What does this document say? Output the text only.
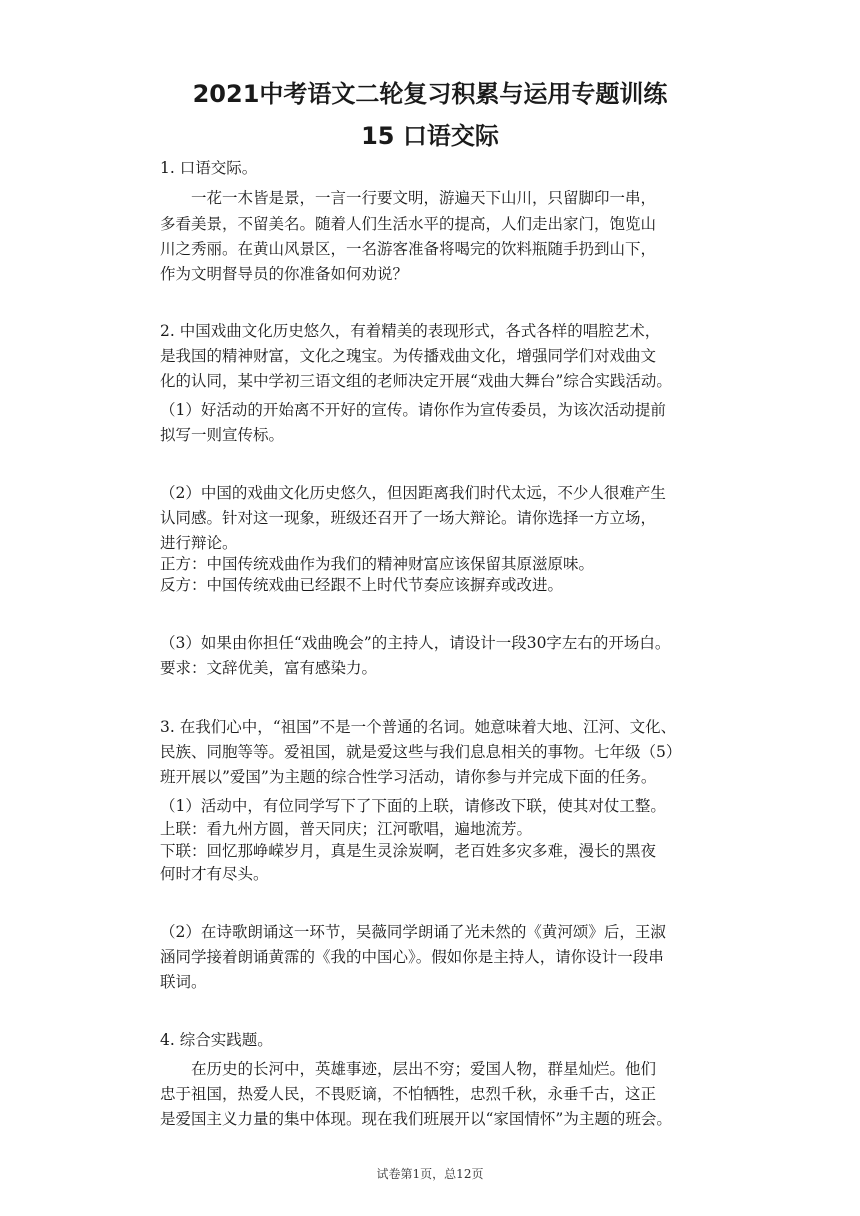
2021中考语文二轮复习积累与运用专题训练
15 口语交际
1. 口语交际。
　　一花一木皆是景，一言一行要文明，游遍天下山川，只留脚印一串，
多看美景，不留美名。随着人们生活水平的提高，人们走出家门，饱览山
川之秀丽。在黄山风景区，一名游客准备将喝完的饮料瓶随手扔到山下，
作为文明督导员的你准备如何劝说？
2. 中国戏曲文化历史悠久，有着精美的表现形式，各式各样的唱腔艺术，
是我国的精神财富，文化之瑰宝。为传播戏曲文化，增强同学们对戏曲文
化的认同，某中学初三语文组的老师决定开展“戏曲大舞台”综合实践活动。
（1）好活动的开始离不开好的宣传。请你作为宣传委员，为该次活动提前
拟写一则宣传标。
（2）中国的戏曲文化历史悠久，但因距离我们时代太远，不少人很难产生
认同感。针对这一现象，班级还召开了一场大辩论。请你选择一方立场，
进行辩论。
正方：中国传统戏曲作为我们的精神财富应该保留其原滋原味。
反方：中国传统戏曲已经跟不上时代节奏应该摒弃或改进。
（3）如果由你担任“戏曲晚会”的主持人，请设计一段30字左右的开场白。
要求：文辞优美，富有感染力。
3. 在我们心中，“祖国”不是一个普通的名词。她意味着大地、江河、文化、
民族、同胞等等。爱祖国，就是爱这些与我们息息相关的事物。七年级（5）
班开展以”爱国”为主题的综合性学习活动，请你参与并完成下面的任务。
（1）活动中，有位同学写下了下面的上联，请修改下联，使其对仗工整。
上联：看九州方圆，普天同庆；江河歌唱，遍地流芳。
下联：回忆那峥嵘岁月，真是生灵涂炭啊，老百姓多灾多难，漫长的黑夜
何时才有尽头。
（2）在诗歌朗诵这一环节，吴薇同学朗诵了光未然的《黄河颂》后，王淑
涵同学接着朗诵黄霈的《我的中国心》。假如你是主持人，请你设计一段串
联词。
4. 综合实践题。
　　在历史的长河中，英雄事迹，层出不穷；爱国人物，群星灿烂。他们
忠于祖国，热爱人民，不畏贬谪，不怕牺牲，忠烈千秋，永垂千古，这正
是爱国主义力量的集中体现。现在我们班展开以“家国情怀”为主题的班会。
试卷第1页，总12页
